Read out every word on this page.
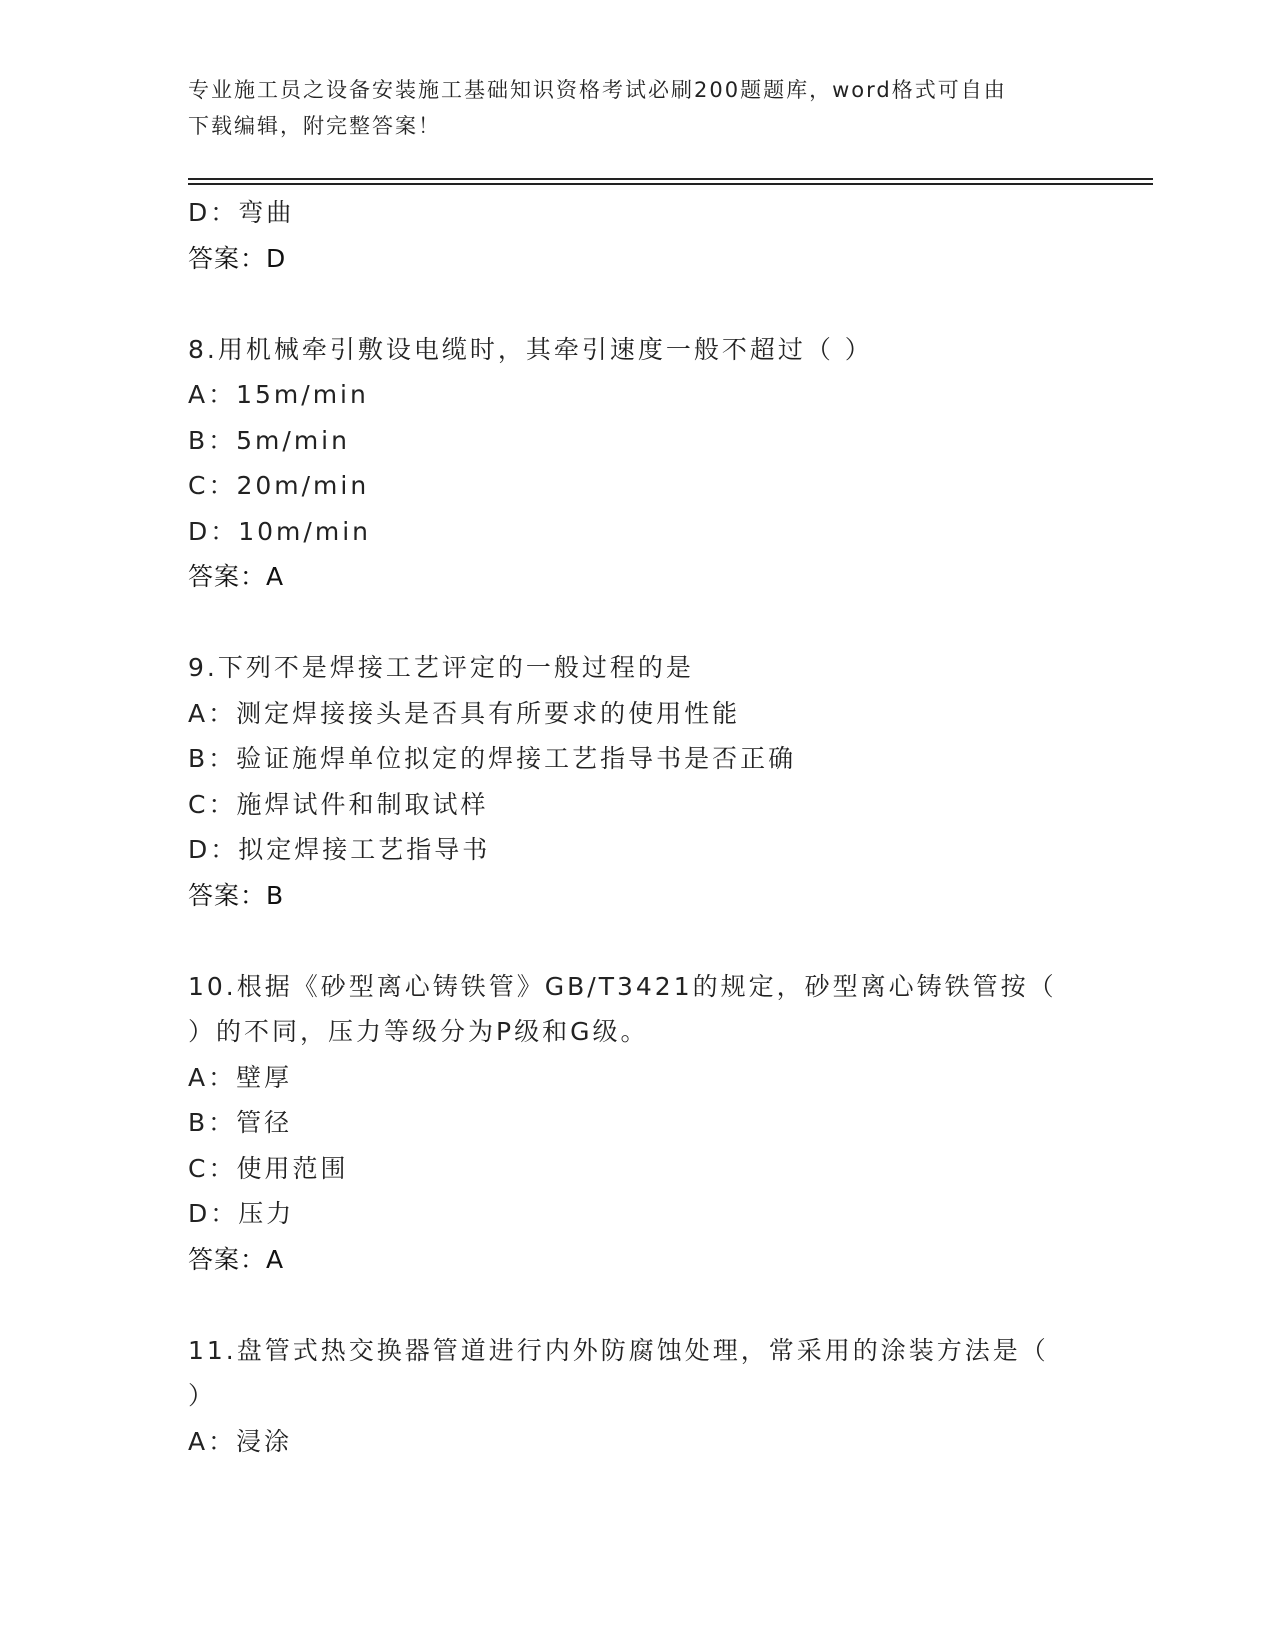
专业施工员之设备安装施工基础知识资格考试必刷200题题库，word格式可自由
下载编辑，附完整答案！
D：弯曲
答案：D
8.用机械牵引敷设电缆时，其牵引速度一般不超过（ ）
A：15m/min
B：5m/min
C：20m/min
D：10m/min
答案：A
9.下列不是焊接工艺评定的一般过程的是
A：测定焊接接头是否具有所要求的使用性能
B：验证施焊单位拟定的焊接工艺指导书是否正确
C：施焊试件和制取试样
D：拟定焊接工艺指导书
答案：B
10.根据《砂型离心铸铁管》GB/T3421的规定，砂型离心铸铁管按（
）的不同，压力等级分为P级和G级。
A：壁厚
B：管径
C：使用范围
D：压力
答案：A
11.盘管式热交换器管道进行内外防腐蚀处理，常采用的涂装方法是（
）
A：浸涂
